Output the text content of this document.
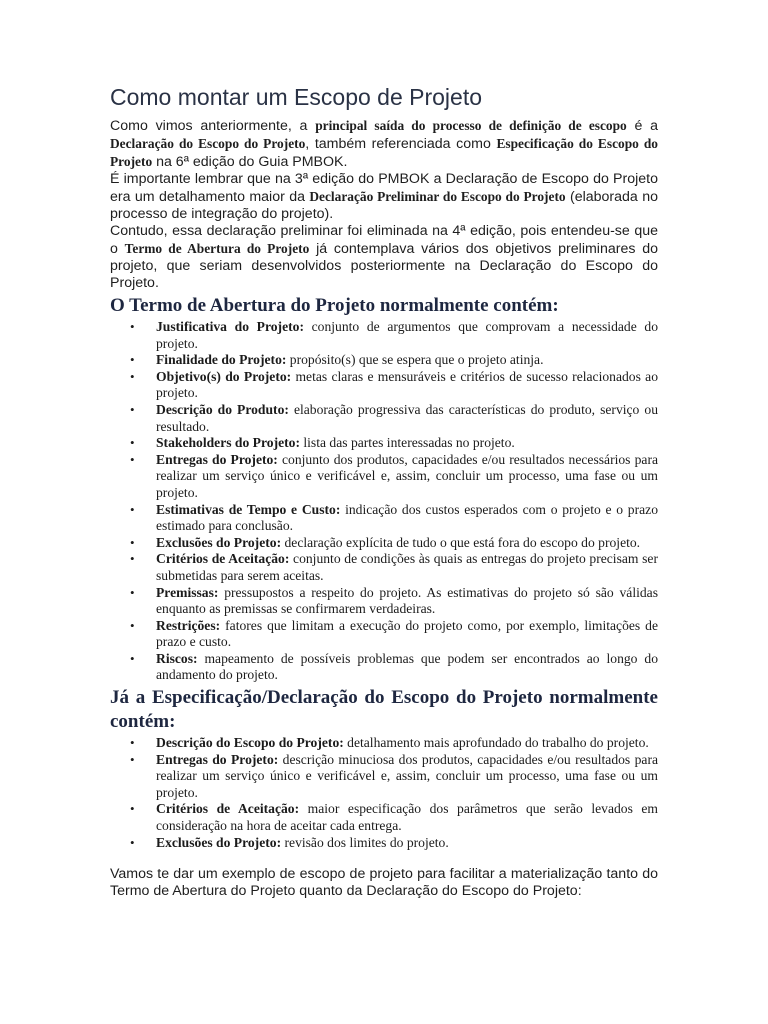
Como montar um Escopo de Projeto

Como vimos anteriormente, a principal saída do processo de definição de escopo é a Declaração do Escopo do Projeto, também referenciada como Especificação do Escopo do Projeto na 6ª edição do Guia PMBOK.

É importante lembrar que na 3ª edição do PMBOK a Declaração de Escopo do Projeto era um detalhamento maior da Declaração Preliminar do Escopo do Projeto (elaborada no processo de integração do projeto).

Contudo, essa declaração preliminar foi eliminada na 4ª edição, pois entendeu-se que o Termo de Abertura do Projeto já contemplava vários dos objetivos preliminares do projeto, que seriam desenvolvidos posteriormente na Declaração do Escopo do Projeto.

O Termo de Abertura do Projeto normalmente contém:
• Justificativa do Projeto: conjunto de argumentos que comprovam a necessidade do projeto.
• Finalidade do Projeto: propósito(s) que se espera que o projeto atinja.
• Objetivo(s) do Projeto: metas claras e mensuráveis e critérios de sucesso relacionados ao projeto.
• Descrição do Produto: elaboração progressiva das características do produto, serviço ou resultado.
• Stakeholders do Projeto: lista das partes interessadas no projeto.
• Entregas do Projeto: conjunto dos produtos, capacidades e/ou resultados necessários para realizar um serviço único e verificável e, assim, concluir um processo, uma fase ou um projeto.
• Estimativas de Tempo e Custo: indicação dos custos esperados com o projeto e o prazo estimado para conclusão.
• Exclusões do Projeto: declaração explícita de tudo o que está fora do escopo do projeto.
• Critérios de Aceitação: conjunto de condições às quais as entregas do projeto precisam ser submetidas para serem aceitas.
• Premissas: pressupostos a respeito do projeto. As estimativas do projeto só são válidas enquanto as premissas se confirmarem verdadeiras.
• Restrições: fatores que limitam a execução do projeto como, por exemplo, limitações de prazo e custo.
• Riscos: mapeamento de possíveis problemas que podem ser encontrados ao longo do andamento do projeto.
Já a Especificação/Declaração do Escopo do Projeto normalmente contém:
• Descrição do Escopo do Projeto: detalhamento mais aprofundado do trabalho do projeto.
• Entregas do Projeto: descrição minuciosa dos produtos, capacidades e/ou resultados para realizar um serviço único e verificável e, assim, concluir um processo, uma fase ou um projeto.
• Critérios de Aceitação: maior especificação dos parâmetros que serão levados em consideração na hora de aceitar cada entrega.
• Exclusões do Projeto: revisão dos limites do projeto.

Vamos te dar um exemplo de escopo de projeto para facilitar a materialização tanto do Termo de Abertura do Projeto quanto da Declaração do Escopo do Projeto:
